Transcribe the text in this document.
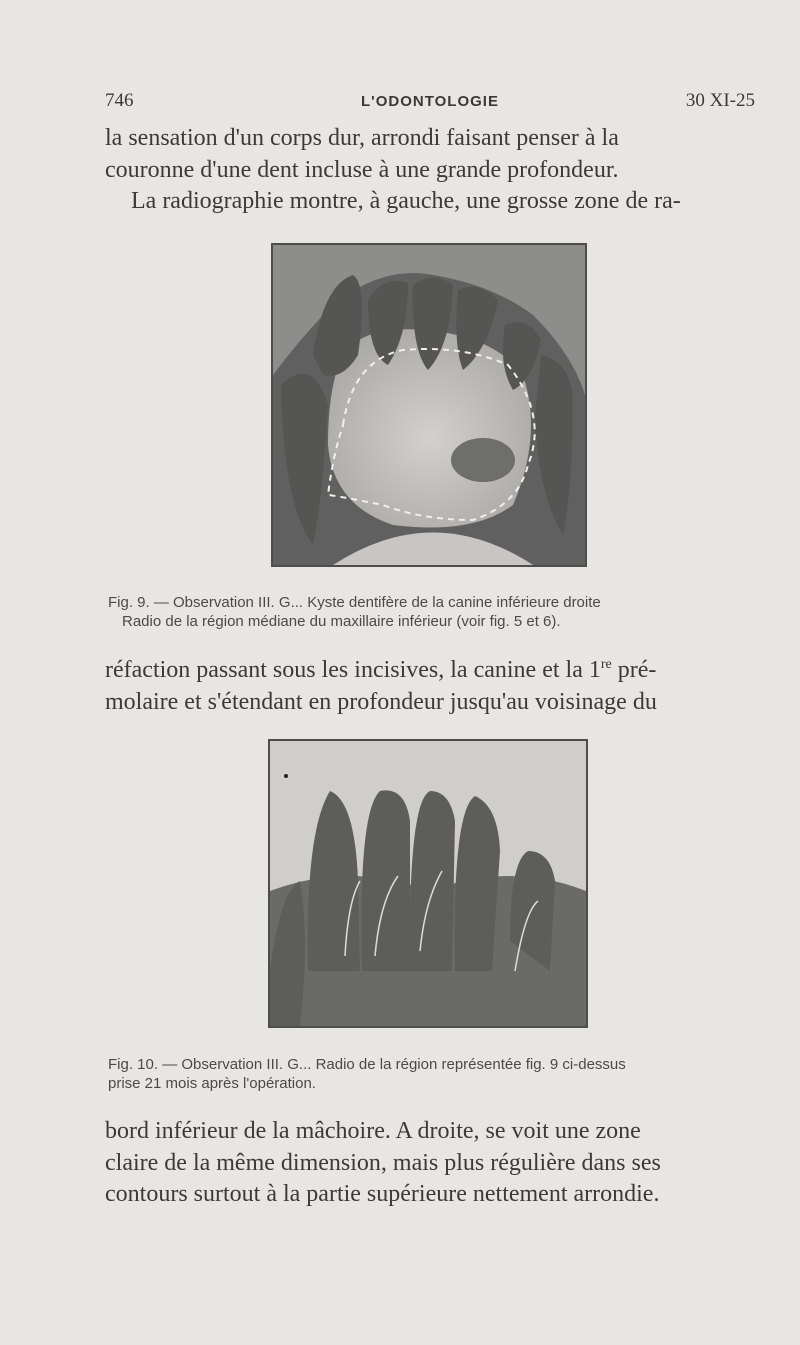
746	L'ODONTOLOGIE	30 XI-25

la sensation d'un corps dur, arrondi faisant penser à la
couronne d'une dent incluse à une grande profondeur.

La radiographie montre, à gauche, une grosse zone de ra-

Fig. 9. — Observation III. G... Kyste dentifère de la canine inférieure droite
Radio de la région médiane du maxillaire inférieur (voir fig. 5 et 6).

réfaction passant sous les incisives, la canine et la 1re pré-
molaire et s'étendant en profondeur jusqu'au voisinage du

Fig. 10. — Observation III. G... Radio de la région représentée fig. 9 ci-dessus
prise 21 mois après l'opération.

bord inférieur de la mâchoire. A droite, se voit une zone
claire de la même dimension, mais plus régulière dans ses
contours surtout à la partie supérieure nettement arrondie.
